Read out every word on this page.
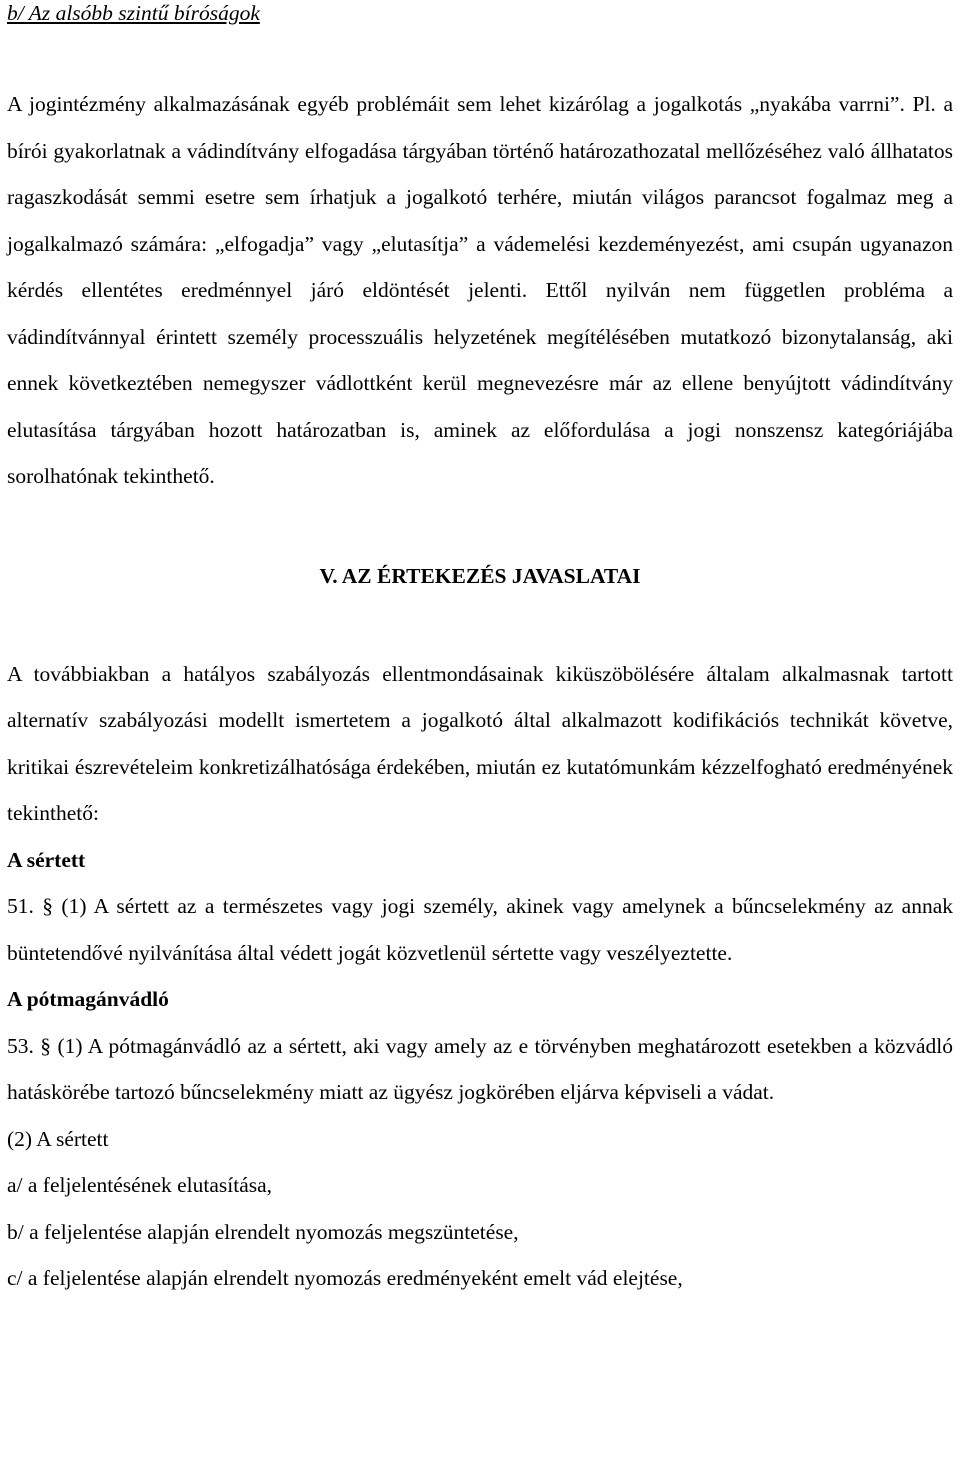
b/ Az alsóbb szintű bíróságok

A jogintézmény alkalmazásának egyéb problémáit sem lehet kizárólag a jogalkotás „nyakába varrni”. Pl. a bírói gyakorlatnak a vádindítvány elfogadása tárgyában történő határozathozatal mellőzéséhez való állhatatos ragaszkodását semmi esetre sem írhatjuk a jogalkotó terhére, miután világos parancsot fogalmaz meg a jogalkalmazó számára: „elfogadja” vagy „elutasítja” a vádemelési kezdeményezést, ami csupán ugyanazon kérdés ellentétes eredménnyel járó eldöntését jelenti. Ettől nyilván nem független probléma a vádindítvánnyal érintett személy processzuális helyzetének megítélésében mutatkozó bizonytalanság, aki ennek következtében nemegyszer vádlottként kerül megnevezésre már az ellene benyújtott vádindítvány elutasítása tárgyában hozott határozatban is, aminek az előfordulása a jogi nonszensz kategóriájába sorolhatónak tekinthető.

V. AZ ÉRTEKEZÉS JAVASLATAI

A továbbiakban a hatályos szabályozás ellentmondásainak kiküszöbölésére általam alkalmasnak tartott alternatív szabályozási modellt ismertetem a jogalkotó által alkalmazott kodifikációs technikát követve, kritikai észrevételeim konkretizálhatósága érdekében, miután ez kutatómunkám kézzelfogható eredményének tekinthető:

A sértett

51. § (1) A sértett az a természetes vagy jogi személy, akinek vagy amelynek a bűncselekmény az annak büntetendővé nyilvánítása által védett jogát közvetlenül sértette vagy veszélyeztette.

A pótmagánvádló

53. § (1) A pótmagánvádló az a sértett, aki vagy amely az e törvényben meghatározott esetekben a közvádló hatáskörébe tartozó bűncselekmény miatt az ügyész jogkörében eljárva képviseli a vádat.

(2) A sértett
a/ a feljelentésének elutasítása,
b/ a feljelentése alapján elrendelt nyomozás megszüntetése,
c/ a feljelentése alapján elrendelt nyomozás eredményeként emelt vád elejtése,
